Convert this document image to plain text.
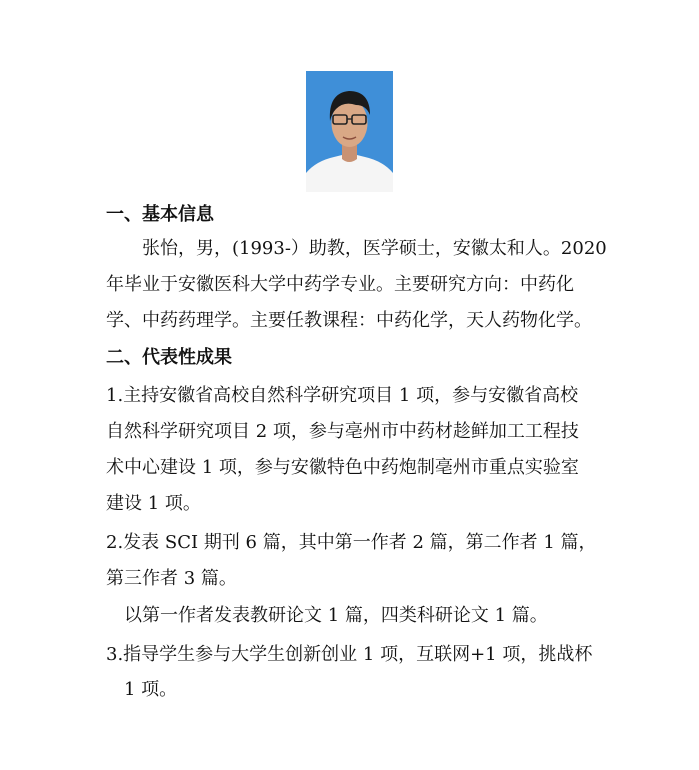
一、基本信息
张怡，男，(1993-）助教，医学硕士，安徽太和人。2020
年毕业于安徽医科大学中药学专业。主要研究方向：中药化
学、中药药理学。主要任教课程：中药化学，天人药物化学。
二、代表性成果
1.主持安徽省高校自然科学研究项目 1 项，参与安徽省高校
自然科学研究项目 2 项，参与亳州市中药材趁鲜加工工程技
术中心建设 1 项，参与安徽特色中药炮制亳州市重点实验室
建设 1 项。
2.发表 SCI 期刊 6 篇，其中第一作者 2 篇，第二作者 1 篇，
第三作者 3 篇。
以第一作者发表教研论文 1 篇，四类科研论文 1 篇。
3.指导学生参与大学生创新创业 1 项，互联网+1 项，挑战杯
1 项。
